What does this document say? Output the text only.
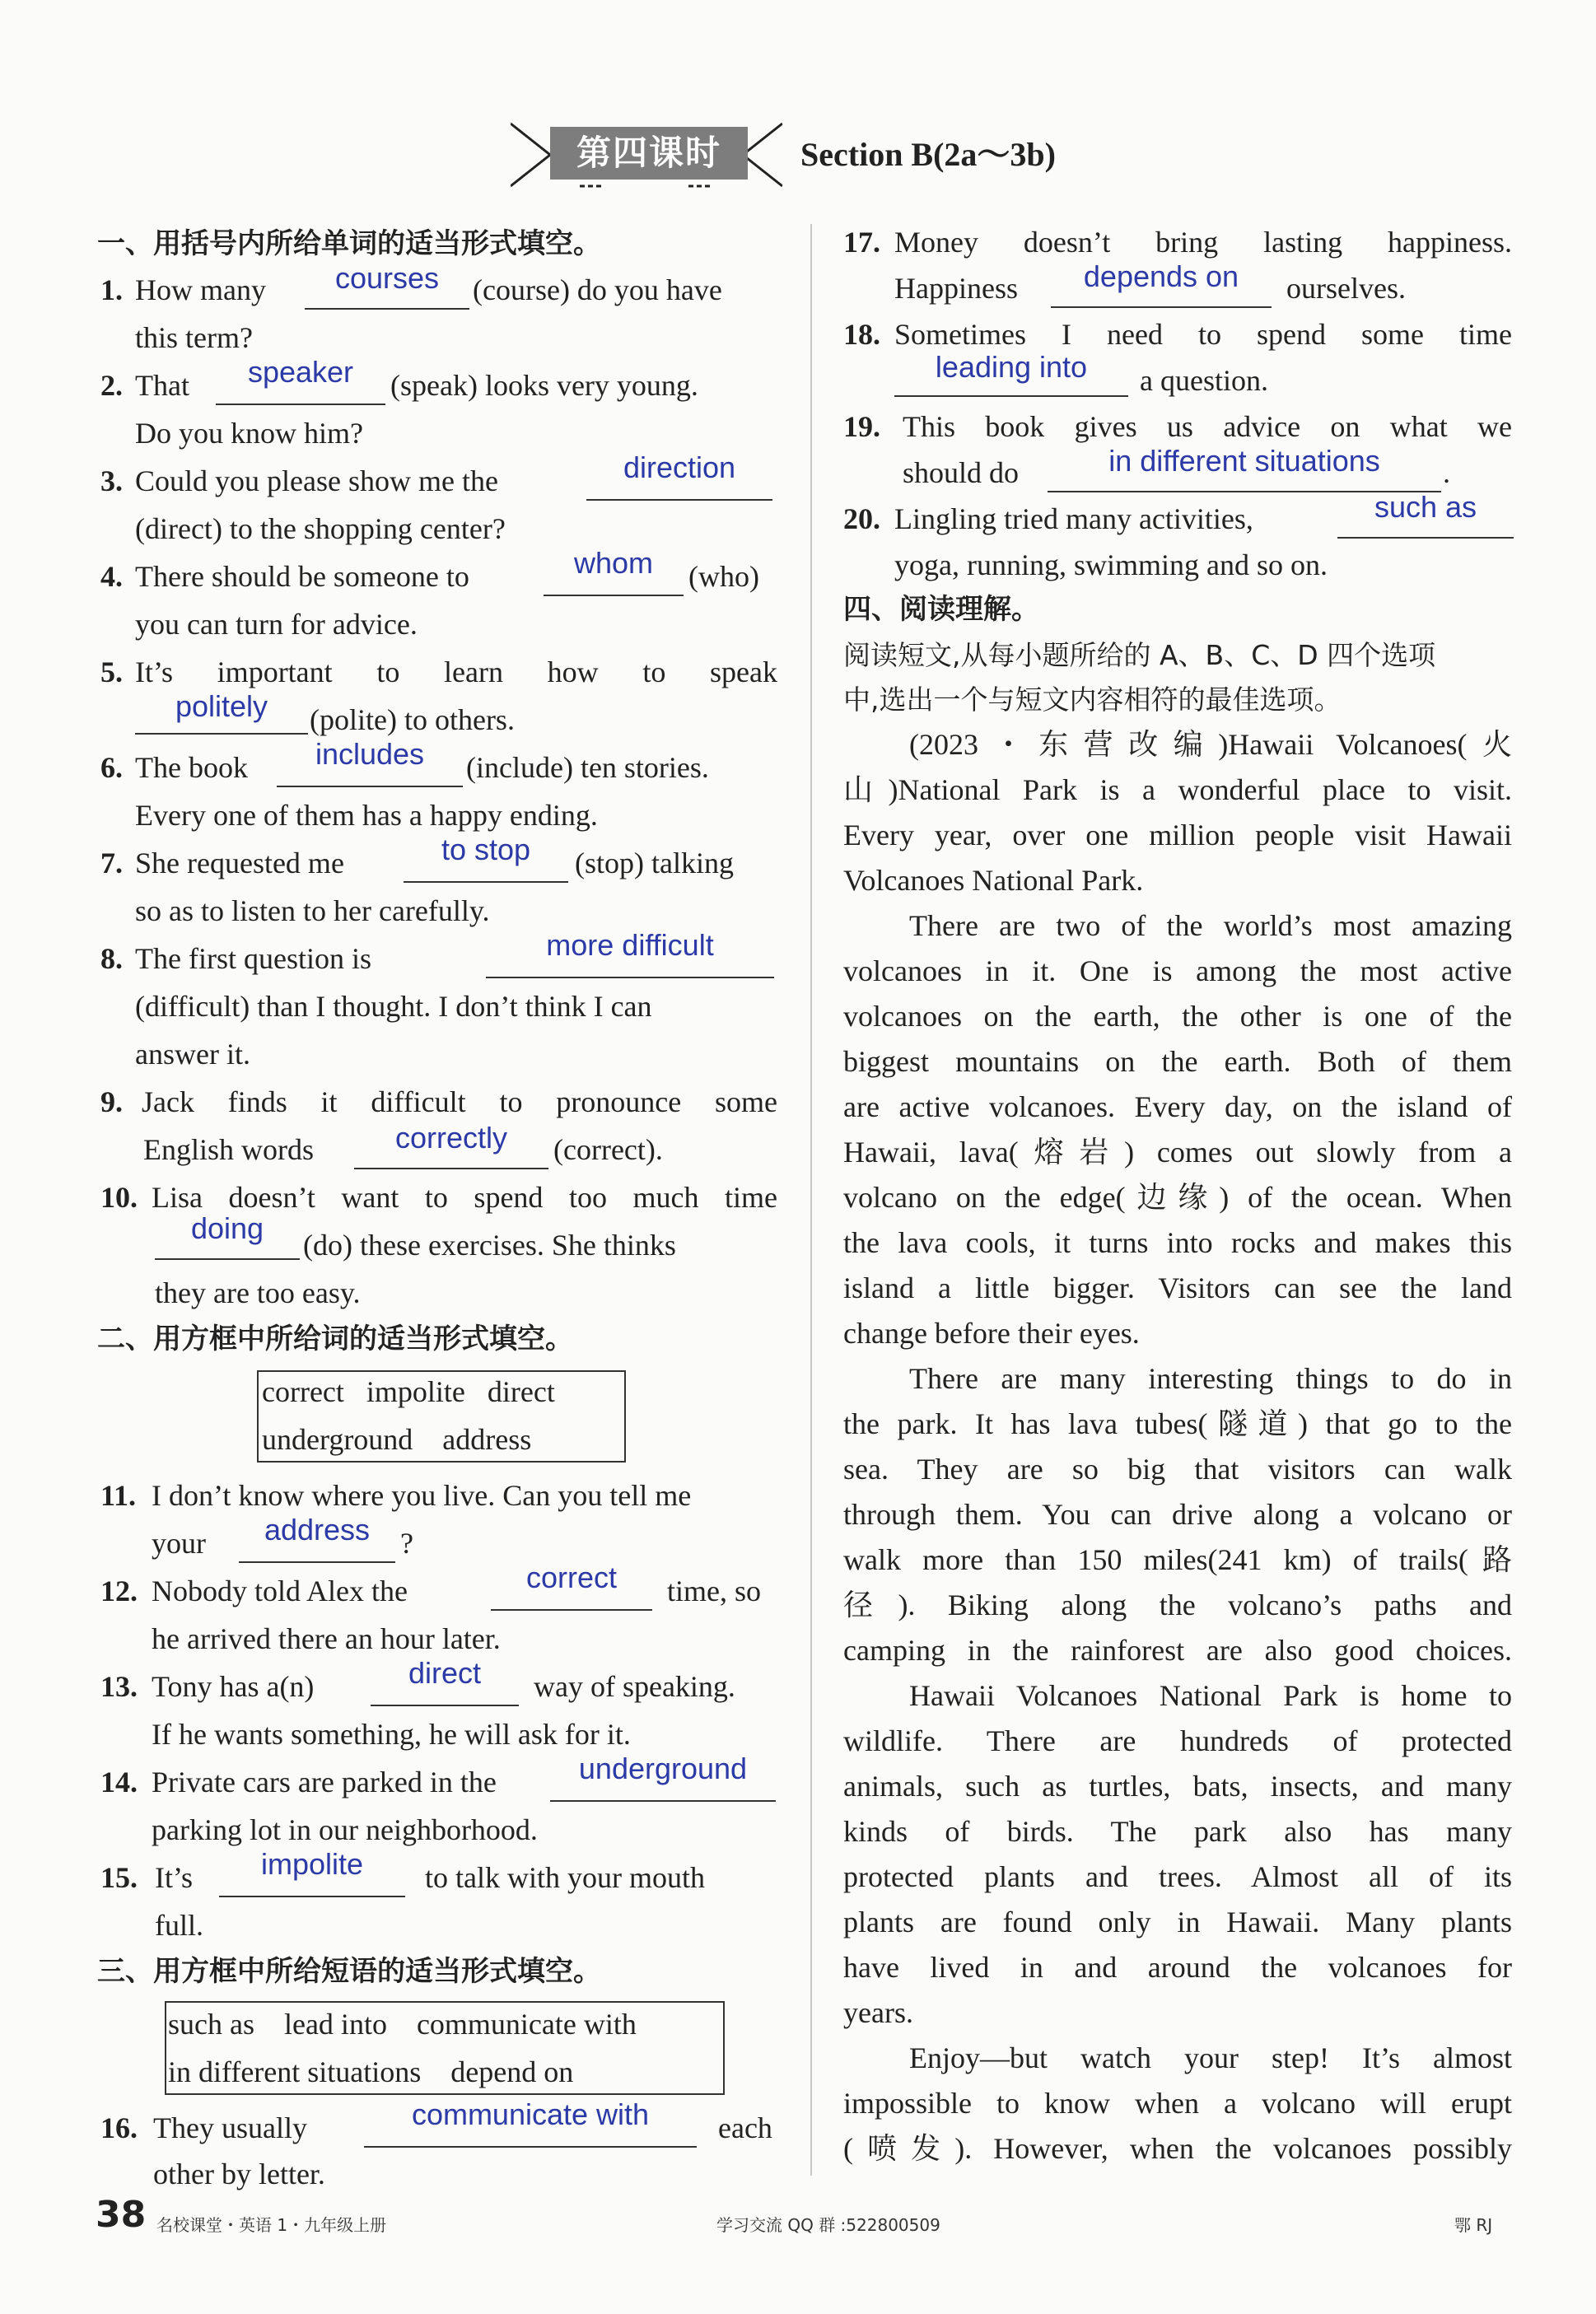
第四课时	Section B(2a～3b)
一、用括号内所给单词的适当形式填空。
1. How many	courses	(course) do you have
this term?
2. That	speaker	(speak) looks very young.
Do you know him?
3. Could you please show me the	direction
(direct) to the shopping center?
4. There should be someone to	whom	(who)
you can turn for advice.
5. It’s important to learn how to speak
politely	(polite) to others.
6. The book	includes	(include) ten stories.
Every one of them has a happy ending.
7. She requested me	to stop	(stop) talking
so as to listen to her carefully.
8. The first question is	more difficult
(difficult) than I thought. I don’t think I can
answer it.
9. Jack finds it difficult to pronounce some
English words	correctly	(correct).
10. Lisa doesn’t want to spend too much time
doing	(do) these exercises. She thinks
they are too easy.
二、用方框中所给词的适当形式填空。
correct   impolite   direct
underground    address
11. I don’t know where you live. Can you tell me
your	address	?
12. Nobody told Alex the	correct	time, so
he arrived there an hour later.
13. Tony has a(n)	direct	way of speaking.
If he wants something, he will ask for it.
14. Private cars are parked in the	underground
parking lot in our neighborhood.
15. It’s	impolite	to talk with your mouth
full.
三、用方框中所给短语的适当形式填空。
such as    lead into    communicate with
in different situations    depend on
16. They usually	communicate with	each
other by letter.
17. Money doesn’t bring lasting happiness.
Happiness	depends on	ourselves.
18. Sometimes I need to spend some time
leading into	a question.
19. This book gives us advice on what we
should do	in different situations	.
20. Lingling tried many activities,	such as
yoga, running, swimming and so on.
四、阅读理解。
阅读短文,从每小题所给的 A、B、C、D 四个选项
中,选出一个与短文内容相符的最佳选项。
(2023・东营改编)Hawaii Volcanoes(火
山)National Park is a wonderful place to visit.
Every year, over one million people visit Hawaii
Volcanoes National Park.
There are two of the world’s most amazing
volcanoes in it. One is among the most active
volcanoes on the earth, the other is one of the
biggest mountains on the earth. Both of them
are active volcanoes. Every day, on the island of
Hawaii, lava(熔岩) comes out slowly from a
volcano on the edge(边缘) of the ocean. When
the lava cools, it turns into rocks and makes this
island a little bigger. Visitors can see the land
change before their eyes.
There are many interesting things to do in
the park. It has lava tubes(隧道) that go to the
sea. They are so big that visitors can walk
through them. You can drive along a volcano or
walk more than 150 miles(241 km) of trails(路
径). Biking along the volcano’s paths and
camping in the rainforest are also good choices.
Hawaii Volcanoes National Park is home to
wildlife. There are hundreds of protected
animals, such as turtles, bats, insects, and many
kinds of birds. The park also has many
protected plants and trees. Almost all of its
plants are found only in Hawaii. Many plants
have lived in and around the volcanoes for
years.
Enjoy—but watch your step! It’s almost
impossible to know when a volcano will erupt
(喷发). However, when the volcanoes possibly
38 名校课堂・英语 1・九年级上册	学习交流 QQ 群 :522800509	鄂 RJ
